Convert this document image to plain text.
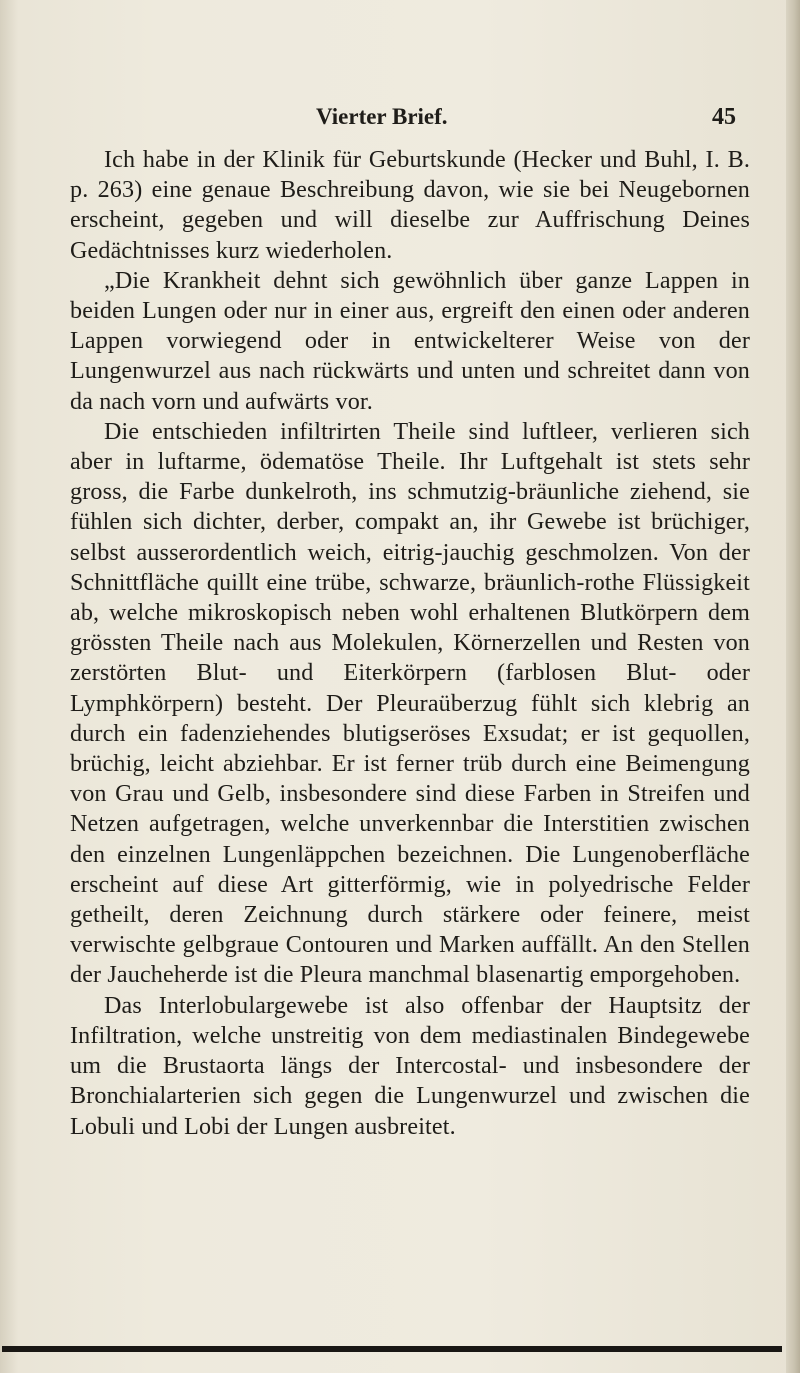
Vierter Brief.	45

Ich habe in der Klinik für Geburtskunde (Hecker und Buhl, I. B. p. 263) eine genaue Beschreibung davon, wie sie bei Neugebornen erscheint, gegeben und will dieselbe zur Auffrischung Deines Gedächtnisses kurz wiederholen.

„Die Krankheit dehnt sich gewöhnlich über ganze Lappen in beiden Lungen oder nur in einer aus, ergreift den einen oder anderen Lappen vorwiegend oder in entwickelterer Weise von der Lungenwurzel aus nach rückwärts und unten und schreitet dann von da nach vorn und aufwärts vor.

Die entschieden infiltrirten Theile sind luftleer, verlieren sich aber in luftarme, ödematöse Theile. Ihr Luftgehalt ist stets sehr gross, die Farbe dunkelroth, ins schmutzig-bräunliche ziehend, sie fühlen sich dichter, derber, compakt an, ihr Gewebe ist brüchiger, selbst ausserordentlich weich, eitrig-jauchig geschmolzen. Von der Schnittfläche quillt eine trübe, schwarze, bräunlich-rothe Flüssigkeit ab, welche mikroskopisch neben wohl erhaltenen Blutkörpern dem grössten Theile nach aus Molekulen, Körnerzellen und Resten von zerstörten Blut- und Eiterkörpern (farblosen Blut- oder Lymphkörpern) besteht. Der Pleuraüberzug fühlt sich klebrig an durch ein fadenziehendes blutigseröses Exsudat; er ist gequollen, brüchig, leicht abziehbar. Er ist ferner trüb durch eine Beimengung von Grau und Gelb, insbesondere sind diese Farben in Streifen und Netzen aufgetragen, welche unverkennbar die Interstitien zwischen den einzelnen Lungenläppchen bezeichnen. Die Lungenoberfläche erscheint auf diese Art gitterförmig, wie in polyedrische Felder getheilt, deren Zeichnung durch stärkere oder feinere, meist verwischte gelbgraue Contouren und Marken auffällt. An den Stellen der Jaucheherde ist die Pleura manchmal blasenartig emporgehoben.

Das Interlobulargewebe ist also offenbar der Hauptsitz der Infiltration, welche unstreitig von dem mediastinalen Bindegewebe um die Brustaorta längs der Intercostal- und insbesondere der Bronchialarterien sich gegen die Lungenwurzel und zwischen die Lobuli und Lobi der Lungen ausbreitet.
